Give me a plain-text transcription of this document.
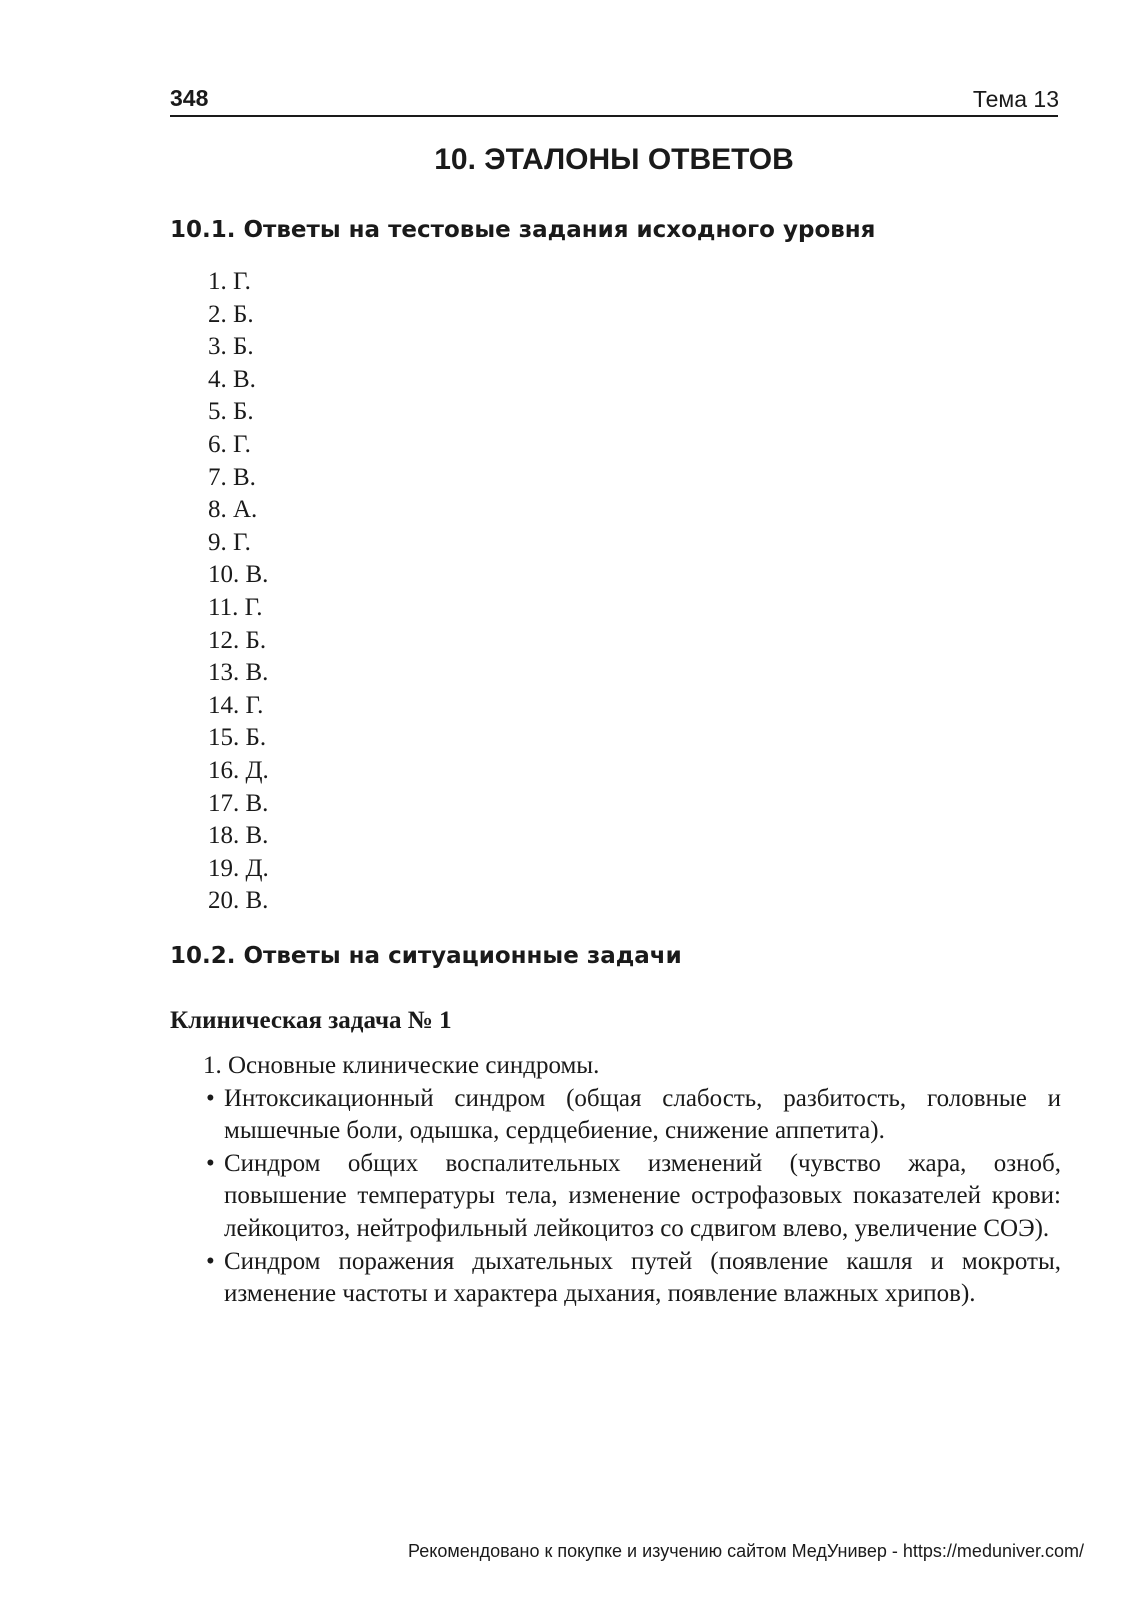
348	Тема 13
10. ЭТАЛОНЫ ОТВЕТОВ
10.1. Ответы на тестовые задания исходного уровня
1. Г.
2. Б.
3. Б.
4. В.
5. Б.
6. Г.
7. В.
8. А.
9. Г.
10. В.
11. Г.
12. Б.
13. В.
14. Г.
15. Б.
16. Д.
17. В.
18. В.
19. Д.
20. В.
10.2. Ответы на ситуационные задачи
Клиническая задача № 1

1. Основные клинические синдромы.

• Интоксикационный синдром (общая слабость, разбитость, головные и мышечные боли, одышка, сердцебиение, снижение аппетита).

• Синдром общих воспалительных изменений (чувство жара, озноб, повышение температуры тела, изменение острофазовых показателей крови: лейкоцитоз, нейтрофильный лейкоцитоз со сдвигом влево, увеличение СОЭ).

• Синдром поражения дыхательных путей (появление кашля и мокроты, изменение частоты и характера дыхания, появление влажных хрипов).

Рекомендовано к покупке и изучению сайтом МедУнивер - https://meduniver.com/
